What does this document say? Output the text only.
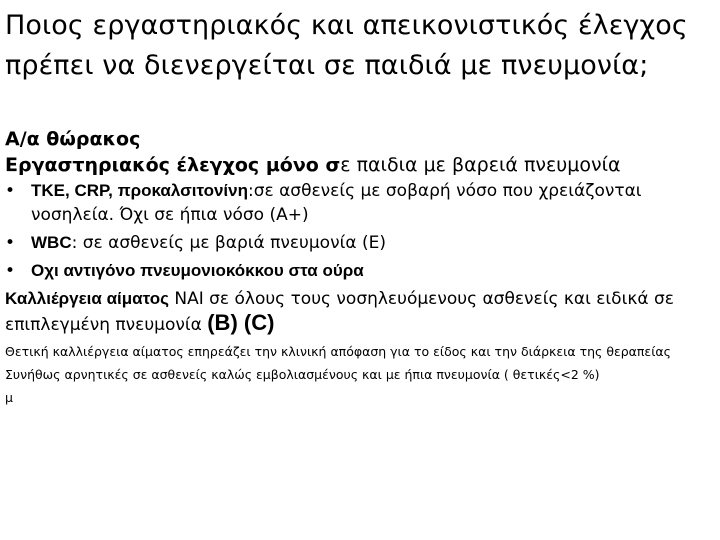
Ποιος εργαστηριακός και απεικονιστικός έλεγχος πρέπει να διενεργείται σε παιδιά με πνευμονία;
Α/α θώρακος
Εργαστηριακός έλεγχος μόνο σε παιδια με βαρειά πνευμονία
• ΤΚΕ, CRP, προκαλσιτονίνη:σε ασθενείς με σοβαρή νόσο που χρειάζονται νοσηλεία. Όχι σε ήπια νόσο (A+)
• WBC: σε ασθενείς με βαριά πνευμονία (E)
• Οχι αντιγόνο πνευμονιοκόκκου στα ούρα
Καλλιέργεια αίματος ΝΑΙ σε όλους τους νοσηλευόμενους ασθενείς και ειδικά σε επιπλεγμένη πνευμονία (B) (C)
Θετική καλλιέργεια αίματος επηρεάζει την κλινική απόφαση για το είδος και την διάρκεια της θεραπείας
Συνήθως αρνητικές σε ασθενείς καλώς εμβολιασμένους και με ήπια πνευμονία ( θετικές<2 %)
μ
